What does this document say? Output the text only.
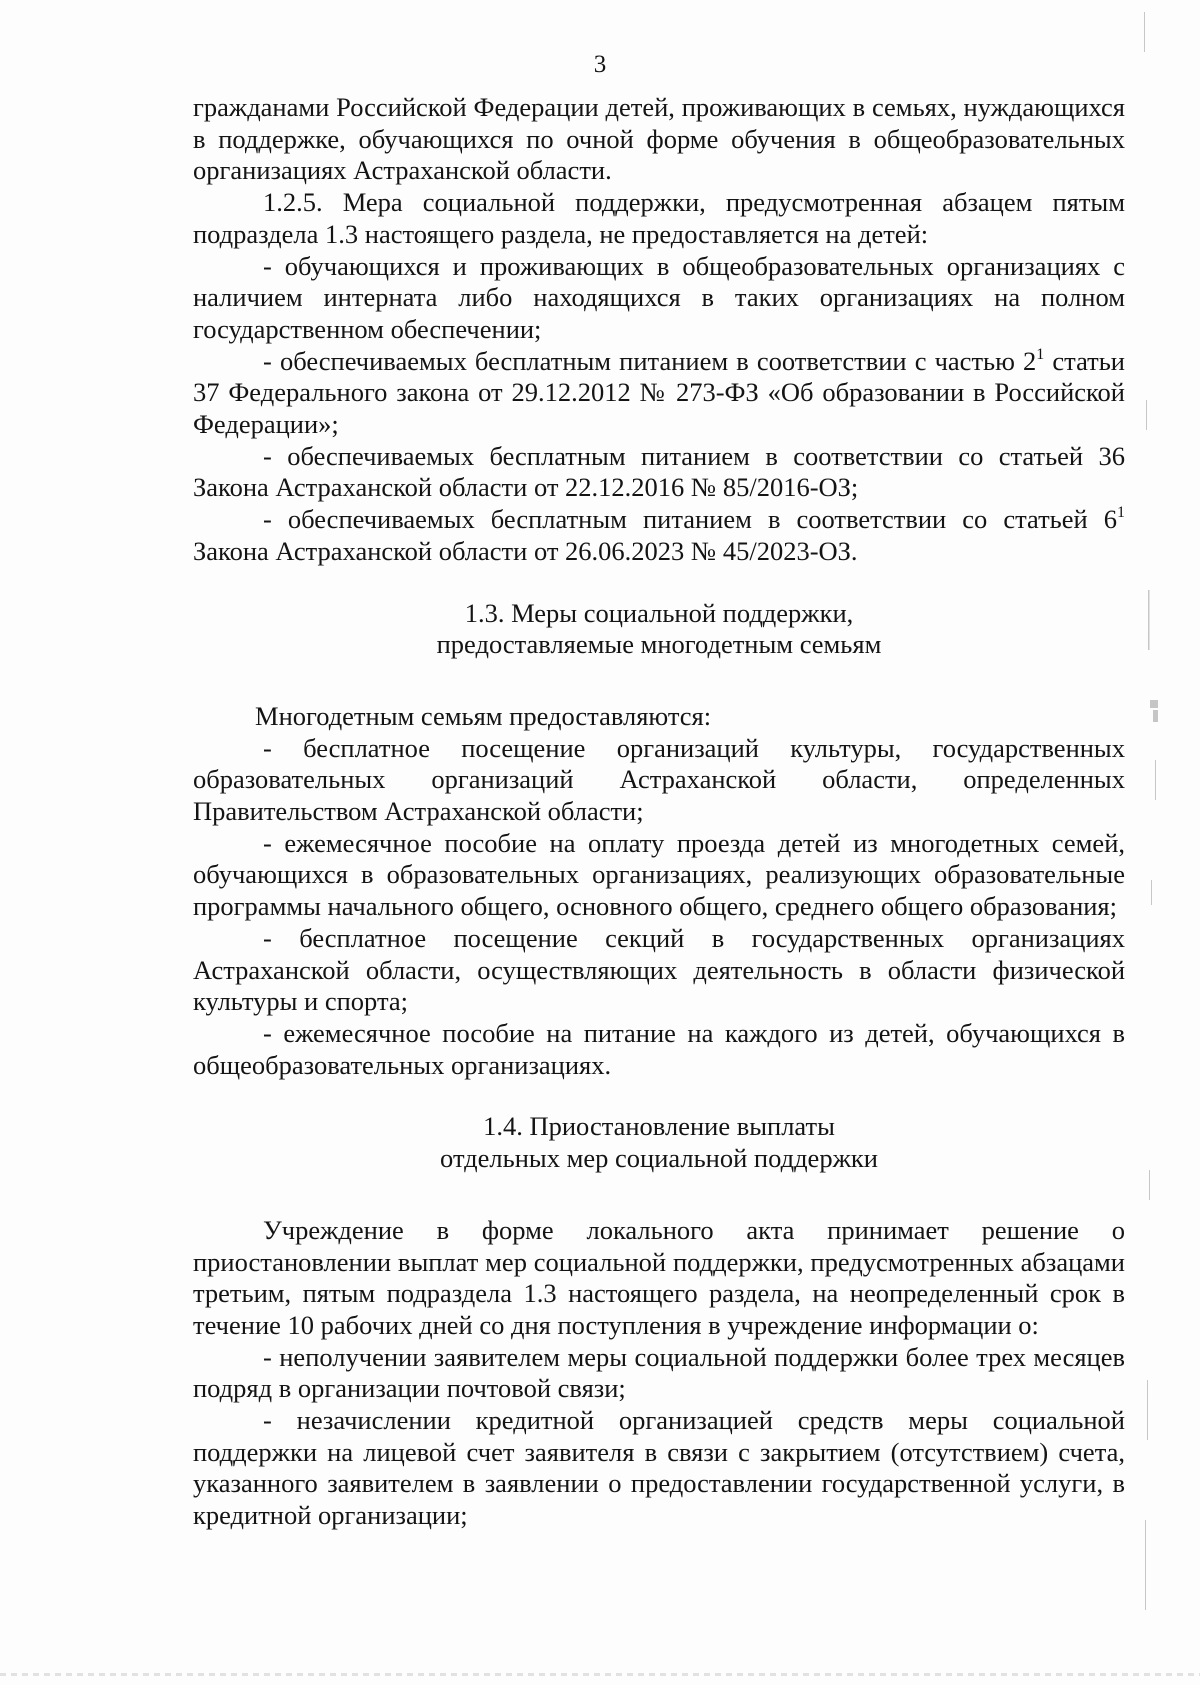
3

гражданами Российской Федерации детей, проживающих в семьях, нуждающихся в поддержке, обучающихся по очной форме обучения в общеобразовательных организациях Астраханской области.

1.2.5. Мера социальной поддержки, предусмотренная абзацем пятым подраздела 1.3 настоящего раздела, не предоставляется на детей:

- обучающихся и проживающих в общеобразовательных организациях с наличием интерната либо находящихся в таких организациях на полном государственном обеспечении;

- обеспечиваемых бесплатным питанием в соответствии с частью $2^1$ статьи 37 Федерального закона от 29.12.2012 № 273-ФЗ «Об образовании в Российской Федерации»;

- обеспечиваемых бесплатным питанием в соответствии со статьей 36 Закона Астраханской области от 22.12.2016 № 85/2016-ОЗ;

- обеспечиваемых бесплатным питанием в соответствии со статьей $6^1$ Закона Астраханской области от 26.06.2023 № 45/2023-ОЗ.

1.3. Меры социальной поддержки,

предоставляемые многодетным семьям

Многодетным семьям предоставляются:

- бесплатное посещение организаций культуры, государственных образовательных организаций Астраханской области, определенных Правительством Астраханской области;

- ежемесячное пособие на оплату проезда детей из многодетных семей, обучающихся в образовательных организациях, реализующих образовательные программы начального общего, основного общего, среднего общего образования;

- бесплатное посещение секций в государственных организациях Астраханской области, осуществляющих деятельность в области физической культуры и спорта;

- ежемесячное пособие на питание на каждого из детей, обучающихся в общеобразовательных организациях.

1.4. Приостановление выплаты

отдельных мер социальной поддержки

Учреждение в форме локального акта принимает решение о приостановлении выплат мер социальной поддержки, предусмотренных абзацами третьим, пятым подраздела 1.3 настоящего раздела, на неопределенный срок в течение 10 рабочих дней со дня поступления в учреждение информации о:

- неполучении заявителем меры социальной поддержки более трех месяцев подряд в организации почтовой связи;

- незачислении кредитной организацией средств меры социальной поддержки на лицевой счет заявителя в связи с закрытием (отсутствием) счета, указанного заявителем в заявлении о предоставлении государственной услуги, в кредитной организации;
